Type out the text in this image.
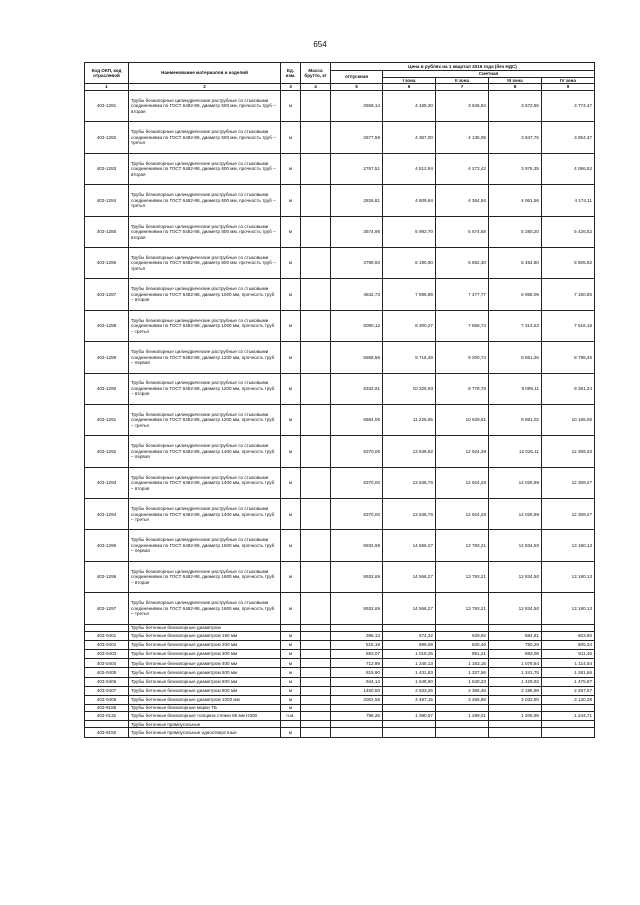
654
Код ОКП, код отраслевой	Наименование материалов и изделий	Ед. изм.	Масса брутто, кг	Цена в рублях на 1 квартал 2016 года (без НДС)				
				отпускная	Сметная			
					I зона	II зона	III зона	IV зона
1	2	3	4	5	6	7	8	9
403-1281	Трубы безнапорные цилиндрические раструбные со стыковыми соединениями по ГОСТ 6482-88, диаметр 500 мм, прочность труб – вторая	м		2558,14	4 168,30	3 946,84	3 672,65	3 774,47
403-1282	Трубы безнапорные цилиндрические раструбные со стыковыми соединениями по ГОСТ 6482-88, диаметр 500 мм, прочность труб – третья	м		2677,59	4 367,00	4 135,09	3 847,75	3 954,37
403-1283	Трубы безнапорные цилиндрические раструбные со стыковыми соединениями по ГОСТ 6482-88, диаметр 600 мм, прочность труб – вторая	м		2767,51	4 512,94	4 273,42	3 976,35	4 086,52
403-1284	Трубы безнапорные цилиндрические раструбные со стыковыми соединениями по ГОСТ 6482-88, диаметр 600 мм, прочность труб – третья	м		2826,81	4 609,64	4 364,94	4 061,56	4 174,11
403-1285	Трубы безнапорные цилиндрические раструбные со стыковыми соединениями по ГОСТ 6482-88, диаметр 800 мм, прочность труб – вторая	м		3674,96	5 992,70	5 674,58	5 280,20	5 426,52
403-1286	Трубы безнапорные цилиндрические раструбные со стыковыми соединениями по ГОСТ 6482-88, диаметр 800 мм, прочность труб – третья	м		3796,50	6 190,90	5 862,30	5 454,80	5 605,92
403-1287	Трубы безнапорные цилиндрические раструбные со стыковыми соединениями по ГОСТ 6482-88, диаметр 1000 мм, прочность труб – вторая	м		4842,73	7 896,89	7 477,77	6 958,09	7 150,85
403-1288	Трубы безнапорные цилиндрические раструбные со стыковыми соединениями по ГОСТ 6482-88, диаметр 1000 мм, прочность труб – третья	м		5090,12	8 300,27	7 859,74	7 313,53	7 516,16
403-1289	Трубы безнапорные цилиндрические раструбные со стыковыми соединениями по ГОСТ 6482-88, диаметр 1200 мм, прочность труб – первая	м		5958,56	9 716,48	9 200,74	8 561,26	8 798,45
403-1290	Трубы безнапорные цилиндрические раструбные со стыковыми соединениями по ГОСТ 6482-88, диаметр 1200 мм, прочность труб – вторая	м		6332,91	10 326,93	9 778,78	9 099,11	9 351,24
403-1291	Трубы безнапорные цилиндрические раструбные со стыковыми соединениями по ГОСТ 6482-88, диаметр 1200 мм, прочность труб – третья	м		6884,06	11 225,65	10 629,81	9 891,02	10 165,06
403-1292	Трубы безнапорные цилиндрические раструбные со стыковыми соединениями по ГОСТ 6482-88, диаметр 1400 мм, прочность труб – первая	м		8370,06	13 648,82	12 924,39	12 026,11	12 359,33
403-1293	Трубы безнапорные цилиндрические раструбные со стыковыми соединениями по ГОСТ 6482-88, диаметр 1400 мм, прочность труб – вторая	м		8370,00	13 648,76	12 924,28	12 025,98	12 359,27
403-1294	Трубы безнапорные цилиндрические раструбные со стыковыми соединениями по ГОСТ 6482-88, диаметр 1400 мм, прочность труб – третья	м		8370,00	13 648,76	12 924,28	12 025,98	12 359,27
403-1295	Трубы безнапорные цилиндрические раструбные со стыковыми соединениями по ГОСТ 6482-88, диаметр 1600 мм, прочность труб – первая	м		8932,69	14 566,27	13 793,21	12 834,50	13 190,13
403-1296	Трубы безнапорные цилиндрические раструбные со стыковыми соединениями по ГОСТ 6482-88, диаметр 1600 мм, прочность труб – вторая	м		8932,69	14 566,27	13 793,21	12 834,50	13 190,13
403-1297	Трубы безнапорные цилиндрические раструбные со стыковыми соединениями по ГОСТ 6482-88, диаметр 1600 мм, прочность труб – третья	м		8932,69	14 566,27	13 793,21	12 834,50	13 190,13
	Трубы бетонные безнапорные диаметром							
403-0401	Трубы бетонные безнапорные диаметром 150 мм	м		386,13	674,32	629,92	584,81	603,60
403-0402	Трубы бетонные безнапорные диаметром 200 мм	м		515,19	899,69	840,46	780,26	805,34
403-0403	Трубы бетонные безнапорные диаметром 300 мм	м		583,07	1 018,25	951,21	883,08	911,46
403-0404	Трубы бетонные безнапорные диаметром 400 мм	м		712,99	1 245,13	1 163,15	1 079,84	1 114,54
403-0405	Трубы бетонные безнапорные диаметром 500 мм	м		819,90	1 431,83	1 337,56	1 241,75	1 281,66
403-0406	Трубы бетонные безнапорные диаметром 600 мм	м		944,14	1 648,80	1 540,23	1 429,92	1 475,87
403-0407	Трубы бетонные безнапорные диаметром 800 мм	м		1450,50	2 533,26	2 366,48	2 196,98	2 267,57
403-0408	Трубы бетонные безнапорные диаметром 1000 мм	м		2002,56	3 497,15	3 266,89	3 032,90	3 130,38
403-9188	Трубы бетонные безнапорные марки ТБ	м						
403-0132	Трубы бетонные безнапорные толщина стенки 65 мм Н300	п.м.		796,26	1 390,57	1 299,01	1 205,96	1 244,71
	Трубы бетонные прямоугольные							
403-9150	Трубы бетонные прямоугольные одноотверстные	м						
